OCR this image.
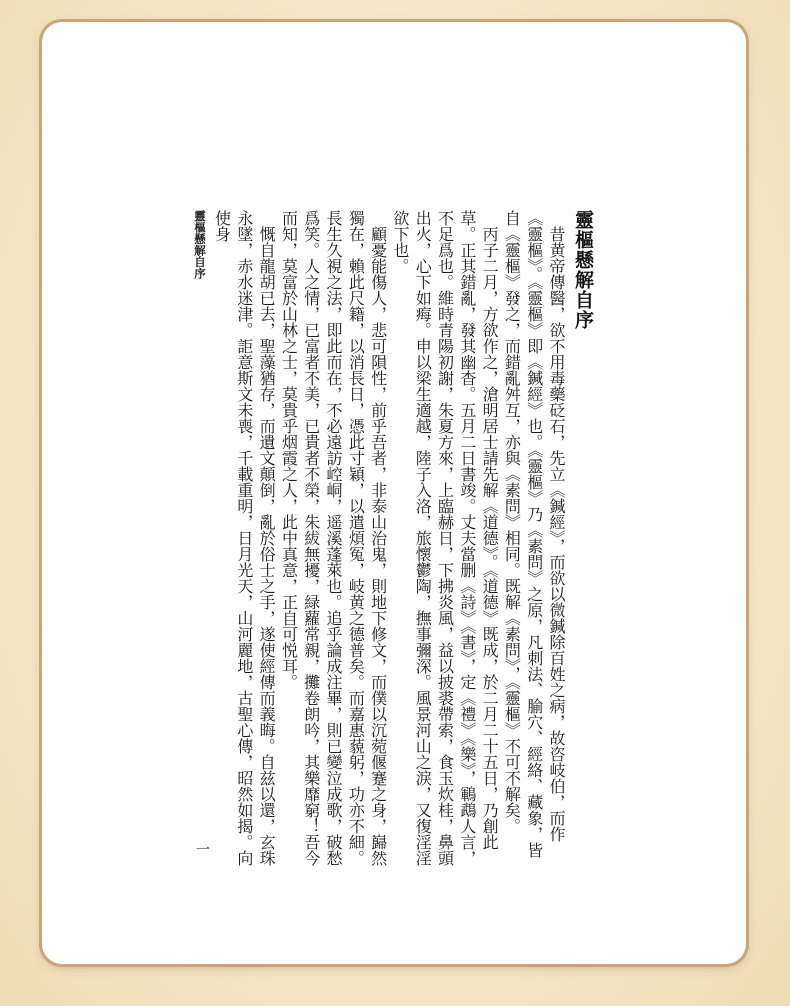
靈樞懸解自序

昔黄帝傳醫，欲不用毒藥砭石，先立《鍼經》，而欲以微鍼除百姓之病，故咨岐伯，而作《靈樞》。《靈樞》即《鍼經》也。《靈樞》乃《素問》之原，凡刺法、腧穴、經絡、藏象，皆自《靈樞》發之，而錯亂舛互，亦與《素問》相同。既解《素問》，《靈樞》不可不解矣。

丙子二月，方欲作之，滄明居士請先解《道德》。《道德》既成，於二月二十五日，乃創此草。正其錯亂，發其幽杳。五月二日書竣。丈夫當删《詩》《書》，定《禮》《樂》，鶤鵡人言，不足爲也。維時青陽初謝，朱夏方來，上臨赫日，下拂炎風，益以披裘帶索，食玉炊桂，鼻頭出火，心下如痗。申以梁生適越，陸子入洛，旅懷鬱陶，撫事彌深。風景河山之淚，又復淫淫欲下也。

顧憂能傷人，悲可隕性，前乎吾者，非泰山治鬼，則地下修文，而僕以沉菀偃蹇之身，巋然獨在，賴此尺籍，以消長日，憑此寸穎，以遣煩冤，岐黄之德普矣。而嘉惠藐躬，功亦不細。長生久視之法，即此而在，不必遠訪崆峒，遥溪蓬萊也。追乎論成注畢，則已變泣成歌，破愁爲笑。人之情，已富者不美，已貴者不榮，朱紱無擾，緑蘿常親，攤卷朗吟，其樂靡窮！吾今而知，莫富於山林之士，莫貴乎烟霞之人，此中真意，正自可悦耳。

慨自龍胡已去，聖藻猶存，而遺文顛倒，亂於俗士之手，遂使經傳而義晦。自兹以還，玄珠永墜，赤水迷津。詎意斯文未喪，千載重明，日月光天，山河麗地，古聖心傳，昭然如揭。向使身

靈樞懸解自序
一
